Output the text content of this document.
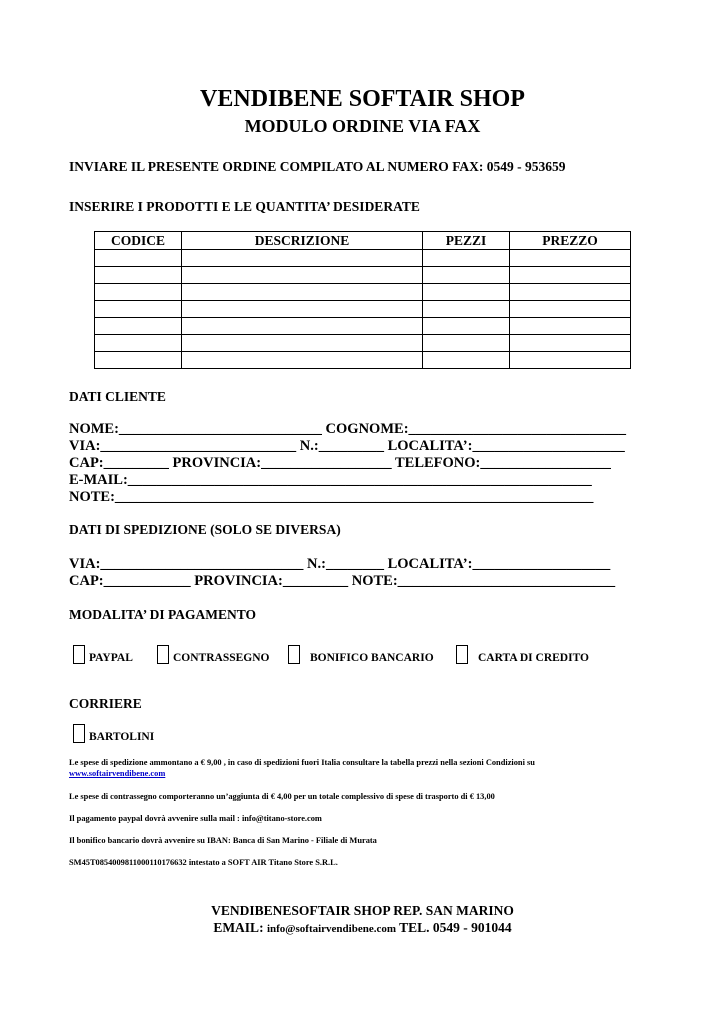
VENDIBENE SOFTAIR SHOP
MODULO ORDINE VIA FAX
INVIARE IL PRESENTE ORDINE COMPILATO AL NUMERO FAX: 0549 - 953659
INSERIRE I PRODOTTI E LE QUANTITA’ DESIDERATE
CODICE	DESCRIZIONE	PEZZI	PREZZO

DATI CLIENTE
NOME:____________________________ COGNOME:______________________________
VIA:___________________________ N.:_________ LOCALITA’:_____________________
CAP:_________ PROVINCIA:__________________ TELEFONO:__________________
E-MAIL:________________________________________________________________
NOTE:__________________________________________________________________
DATI DI SPEDIZIONE (SOLO SE DIVERSA)
VIA:____________________________ N.:________ LOCALITA’:___________________
CAP:____________ PROVINCIA:_________ NOTE:______________________________
MODALITA’ DI PAGAMENTO
PAYPAL	CONTRASSEGNO	BONIFICO BANCARIO	CARTA DI CREDITO
CORRIERE
BARTOLINI
Le spese di spedizione ammontano a € 9,00 , in caso di spedizioni fuori Italia consultare la tabella prezzi nella sezioni Condizioni su
www.softairvendibene.com
Le spese di contrassegno comporteranno un’aggiunta di € 4,00 per un totale complessivo di spese di trasporto di € 13,00
Il pagamento paypal dovrà avvenire sulla mail : info@titano-store.com
Il bonifico bancario dovrà avvenire su IBAN: Banca di San Marino - Filiale di Murata
SM45T0854009811000110176632 intestato a SOFT AIR Titano Store S.R.L.
VENDIBENESOFTAIR SHOP REP. SAN MARINO
EMAIL: info@softairvendibene.com TEL. 0549 - 901044
